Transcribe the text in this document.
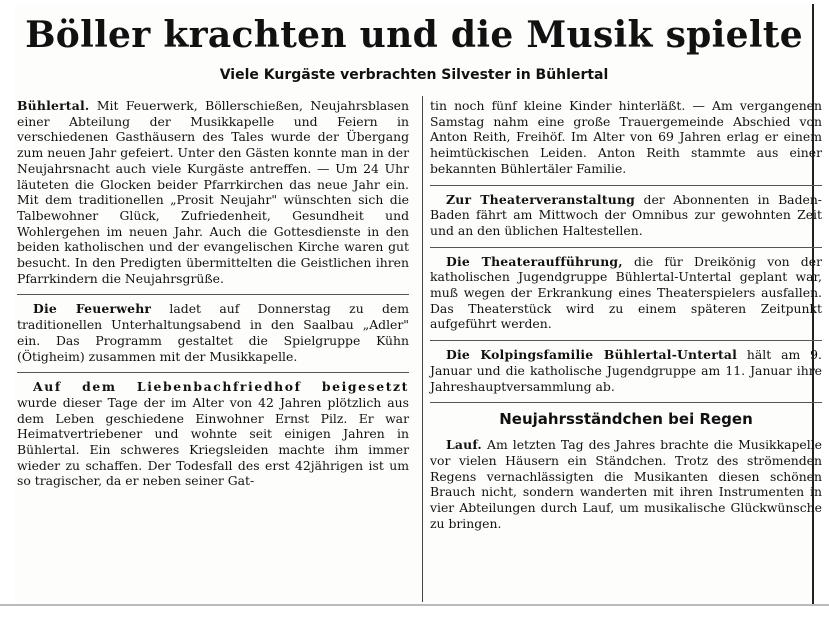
Böller krachten und die Musik spielte
Viele Kurgäste verbrachten Silvester in Bühlertal

Bühlertal. Mit Feuerwerk, Böllerschießen, Neujahrsblasen einer Abteilung der Musikkapelle und Feiern in verschiedenen Gasthäusern des Tales wurde der Übergang zum neuen Jahr gefeiert. Unter den Gästen konnte man in der Neujahrsnacht auch viele Kurgäste antreffen. — Um 24 Uhr läuteten die Glocken beider Pfarrkirchen das neue Jahr ein. Mit dem traditionellen „Prosit Neujahr" wünschten sich die Talbewohner Glück, Zufriedenheit, Gesundheit und Wohlergehen im neuen Jahr. Auch die Gottesdienste in den beiden katholischen und der evangelischen Kirche waren gut besucht. In den Predigten übermittelten die Geistlichen ihren Pfarrkindern die Neujahrsgrüße.

Die Feuerwehr ladet auf Donnerstag zu dem traditionellen Unterhaltungsabend in den Saalbau „Adler" ein. Das Programm gestaltet die Spielgruppe Kühn (Ötigheim) zusammen mit der Musikkapelle.

Auf dem Liebenbachfriedhof beigesetzt wurde dieser Tage der im Alter von 42 Jahren plötzlich aus dem Leben geschiedene Einwohner Ernst Pilz. Er war Heimatvertriebener und wohnte seit einigen Jahren in Bühlertal. Ein schweres Kriegsleiden machte ihm immer wieder zu schaffen. Der Todesfall des erst 42jährigen ist um so tragischer, da er neben seiner Gat-

tin noch fünf kleine Kinder hinterläßt. — Am vergangenen Samstag nahm eine große Trauergemeinde Abschied von Anton Reith, Freihöf. Im Alter von 69 Jahren erlag er einem heimtückischen Leiden. Anton Reith stammte aus einer bekannten Bühlertäler Familie.

Zur Theaterveranstaltung der Abonnenten in Baden-Baden fährt am Mittwoch der Omnibus zur gewohnten Zeit und an den üblichen Haltestellen.

Die Theateraufführung, die für Dreikönig von der katholischen Jugendgruppe Bühlertal-Untertal geplant war, muß wegen der Erkrankung eines Theaterspielers ausfallen. Das Theaterstück wird zu einem späteren Zeitpunkt aufgeführt werden.

Die Kolpingsfamilie Bühlertal-Untertal hält am 9. Januar und die katholische Jugendgruppe am 11. Januar ihre Jahreshauptversammlung ab.

Neujahrsständchen bei Regen

Lauf. Am letzten Tag des Jahres brachte die Musikkapelle vor vielen Häusern ein Ständchen. Trotz des strömenden Regens vernachlässigten die Musikanten diesen schönen Brauch nicht, sondern wanderten mit ihren Instrumenten in vier Abteilungen durch Lauf, um musikalische Glückwünsche zu bringen.
